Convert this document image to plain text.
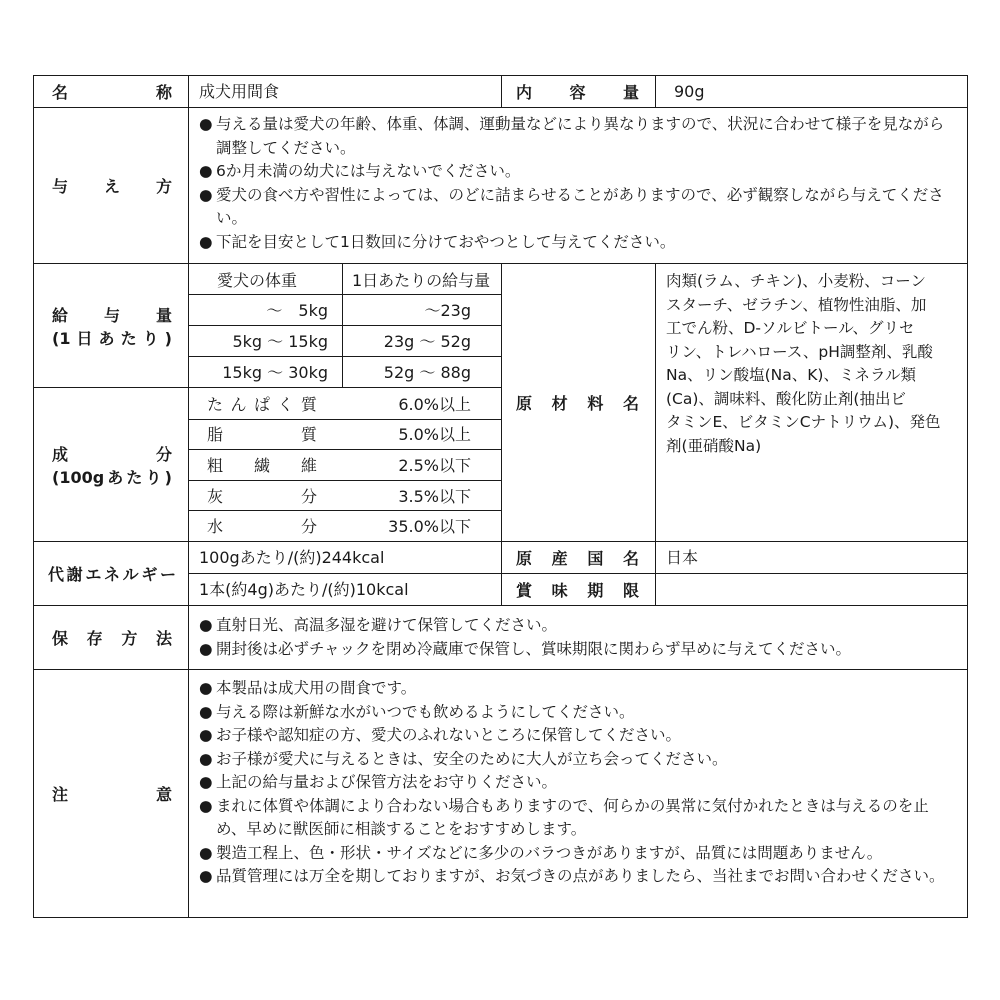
名　　称	成犬用間食	内容量	90g
与え方
● 与える量は愛犬の年齢、体重、体調、運動量などにより異なりますので、状況に合わせて様子を見ながら調整してください。
● 6か月未満の幼犬には与えないでください。
● 愛犬の食べ方や習性によっては、のどに詰まらせることがありますので、必ず観察しながら与えてください。
● 下記を目安として1日数回に分けておやつとして与えてください。
給与量
(1日あたり)
愛犬の体重	1日あたりの給与量
〜　5kg	〜23g
5kg 〜 15kg	23g 〜 52g
15kg 〜 30kg	52g 〜 88g
成分
(100gあたり)
たんぱく質	6.0%以上
脂質	5.0%以上
粗繊維	2.5%以下
灰分	3.5%以下
水分	35.0%以下
原材料名
肉類(ラム、チキン)、小麦粉、コーン
スターチ、ゼラチン、植物性油脂、加
工でん粉、D-ソルビトール、グリセ
リン、トレハロース、pH調整剤、乳酸
Na、リン酸塩(Na、K)、ミネラル類
(Ca)、調味料、酸化防止剤(抽出ビ
タミンE、ビタミンCナトリウム)、発色
剤(亜硝酸Na)
代謝エネルギー
100gあたり/(約)244kcal
1本(約4g)あたり/(約)10kcal
原産国名	日本
賞味期限
保存方法
● 直射日光、高温多湿を避けて保管してください。
● 開封後は必ずチャックを閉め冷蔵庫で保管し、賞味期限に関わらず早めに与えてください。
注意
● 本製品は成犬用の間食です。
● 与える際は新鮮な水がいつでも飲めるようにしてください。
● お子様や認知症の方、愛犬のふれないところに保管してください。
● お子様が愛犬に与えるときは、安全のために大人が立ち会ってください。
● 上記の給与量および保管方法をお守りください。
● まれに体質や体調により合わない場合もありますので、何らかの異常に気付かれたときは与えるのを止め、早めに獣医師に相談することをおすすめします。
● 製造工程上、色・形状・サイズなどに多少のバラつきがありますが、品質には問題ありません。
● 品質管理には万全を期しておりますが、お気づきの点がありましたら、当社までお問い合わせください。
